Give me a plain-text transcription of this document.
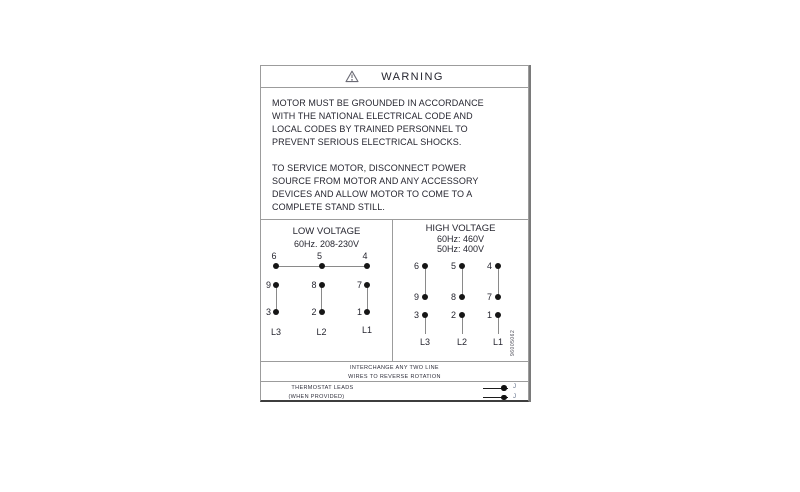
WARNING
MOTOR MUST BE GROUNDED IN ACCORDANCE
WITH THE NATIONAL ELECTRICAL CODE AND
LOCAL CODES BY TRAINED PERSONNEL TO
PREVENT SERIOUS ELECTRICAL SHOCKS.
TO SERVICE MOTOR, DISCONNECT POWER
SOURCE FROM MOTOR AND ANY ACCESSORY
DEVICES AND ALLOW MOTOR TO COME TO A
COMPLETE STAND STILL.
LOW VOLTAGE
60Hz. 208-230V
6	5	4
9	8	7
3	2	1
L3	L2	L1
HIGH VOLTAGE
60Hz: 460V
50Hz: 400V
6	5	4
9	8	7
3	2	1
L3	L2	L1	96005062
INTERCHANGE ANY TWO LINE
WIRES TO REVERSE ROTATION
THERMOSTAT LEADS
(WHEN PROVIDED)
J
J
